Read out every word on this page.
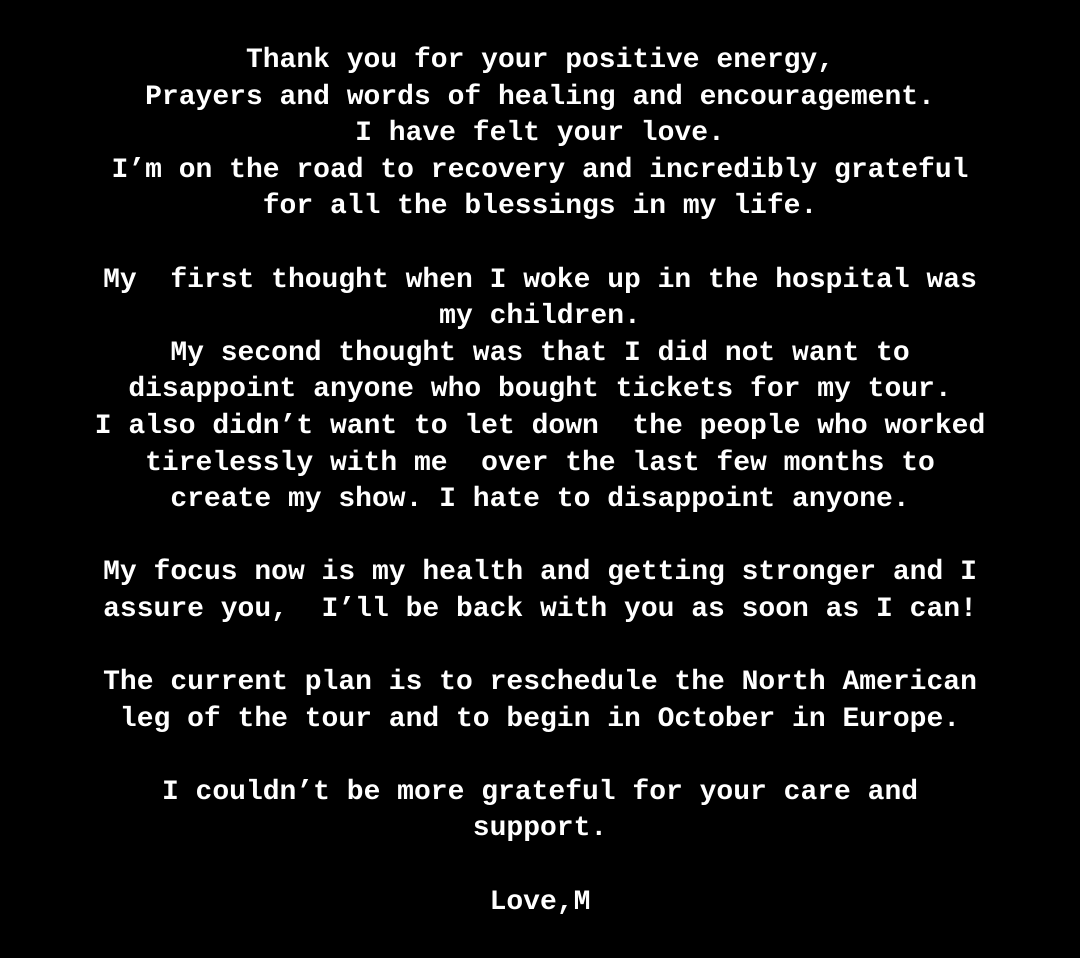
Thank you for your positive energy,
Prayers and words of healing and encouragement.
I have felt your love.
I’m on the road to recovery and incredibly grateful
for all the blessings in my life.

My  first thought when I woke up in the hospital was
my children.
My second thought was that I did not want to
disappoint anyone who bought tickets for my tour.
I also didn’t want to let down  the people who worked
tirelessly with me  over the last few months to
create my show. I hate to disappoint anyone.

My focus now is my health and getting stronger and I
assure you,  I’ll be back with you as soon as I can!

The current plan is to reschedule the North American
leg of the tour and to begin in October in Europe.

I couldn’t be more grateful for your care and
support.

Love,M
